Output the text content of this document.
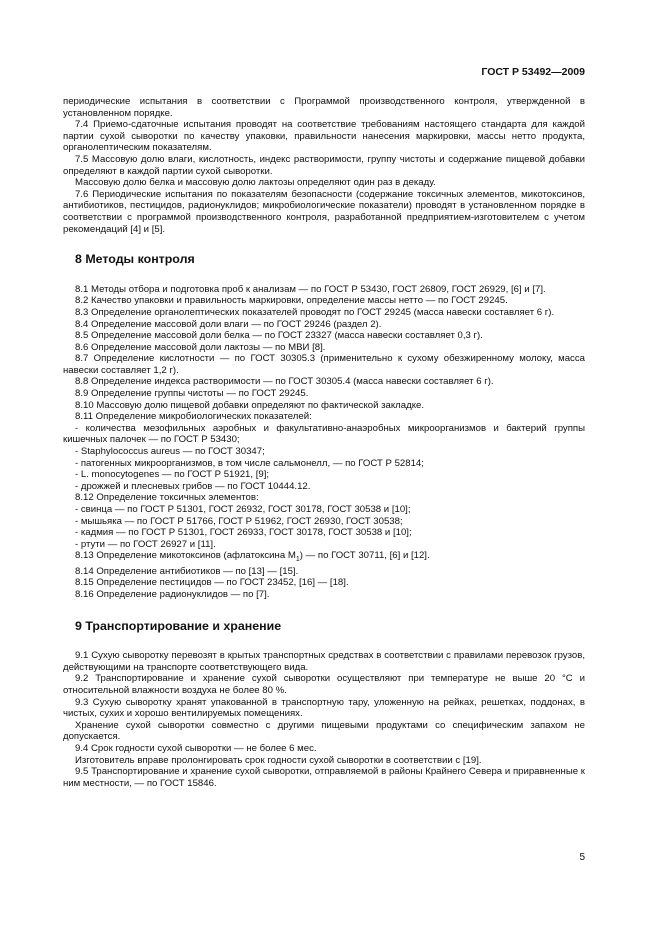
ГОСТ Р 53492—2009

периодические испытания в соответствии с Программой производственного контроля, утвержденной в установленном порядке.

7.4 Приемо-сдаточные испытания проводят на соответствие требованиям настоящего стандарта для каждой партии сухой сыворотки по качеству упаковки, правильности нанесения маркировки, массы нетто продукта, органолептическим показателям.

7.5 Массовую долю влаги, кислотность, индекс растворимости, группу чистоты и содержание пищевой добавки определяют в каждой партии сухой сыворотки.

Массовую долю белка и массовую долю лактозы определяют один раз в декаду.

7.6 Периодические испытания по показателям безопасности (содержание токсичных элементов, микотоксинов, антибиотиков, пестицидов, радионуклидов; микробиологические показатели) проводят в установленном порядке в соответствии с программой производственного контроля, разработанной предприятием-изготовителем с учетом рекомендаций [4] и [5].

8 Методы контроля

8.1 Методы отбора и подготовка проб к анализам — по ГОСТ Р 53430, ГОСТ 26809, ГОСТ 26929, [6] и [7].

8.2 Качество упаковки и правильность маркировки, определение массы нетто — по ГОСТ 29245.

8.3 Определение органолептических показателей проводят по ГОСТ 29245 (масса навески составляет 6 г).

8.4 Определение массовой доли влаги — по ГОСТ 29246 (раздел 2).

8.5 Определение массовой доли белка — по ГОСТ 23327 (масса навески составляет 0,3 г).

8.6 Определение массовой доли лактозы — по МВИ [8].

8.7 Определение кислотности — по ГОСТ 30305.3 (применительно к сухому обезжиренному молоку, масса навески составляет 1,2 г).

8.8 Определение индекса растворимости — по ГОСТ 30305.4 (масса навески составляет 6 г).

8.9 Определение группы чистоты — по ГОСТ 29245.

8.10 Массовую долю пищевой добавки определяют по фактической закладке.

8.11 Определение микробиологических показателей:

- количества мезофильных аэробных и факультативно-анаэробных микроорганизмов и бактерий группы кишечных палочек — по ГОСТ Р 53430;

- Staphylococcus aureus — по ГОСТ 30347;

- патогенных микроорганизмов, в том числе сальмонелл, — по ГОСТ Р 52814;

- L. monocytogenes — по ГОСТ Р 51921, [9];

- дрожжей и плесневых грибов — по ГОСТ 10444.12.

8.12 Определение токсичных элементов:

- свинца — по ГОСТ Р 51301, ГОСТ 26932, ГОСТ 30178, ГОСТ 30538 и [10];

- мышьяка — по ГОСТ Р 51766, ГОСТ Р 51962, ГОСТ 26930, ГОСТ 30538;

- кадмия — по ГОСТ Р 51301, ГОСТ 26933, ГОСТ 30178, ГОСТ 30538 и [10];

- ртути — по ГОСТ 26927 и [11].

8.13 Определение микотоксинов (афлатоксина $М_1$) — по ГОСТ 30711, [6] и [12].

8.14 Определение антибиотиков — по [13] — [15].

8.15 Определение пестицидов — по ГОСТ 23452, [16] — [18].

8.16 Определение радионуклидов — по [7].

9 Транспортирование и хранение

9.1 Сухую сыворотку перевозят в крытых транспортных средствах в соответствии с правилами перевозок грузов, действующими на транспорте соответствующего вида.

9.2 Транспортирование и хранение сухой сыворотки осуществляют при температуре не выше 20 °С и относительной влажности воздуха не более 80 %.

9.3 Сухую сыворотку хранят упакованной в транспортную тару, уложенную на рейках, решетках, поддонах, в чистых, сухих и хорошо вентилируемых помещениях.

Хранение сухой сыворотки совместно с другими пищевыми продуктами со специфическим запахом не допускается.

9.4 Срок годности сухой сыворотки — не более 6 мес.

Изготовитель вправе пролонгировать срок годности сухой сыворотки в соответствии с [19].

9.5 Транспортирование и хранение сухой сыворотки, отправляемой в районы Крайнего Севера и приравненные к ним местности, — по ГОСТ 15846.

5
